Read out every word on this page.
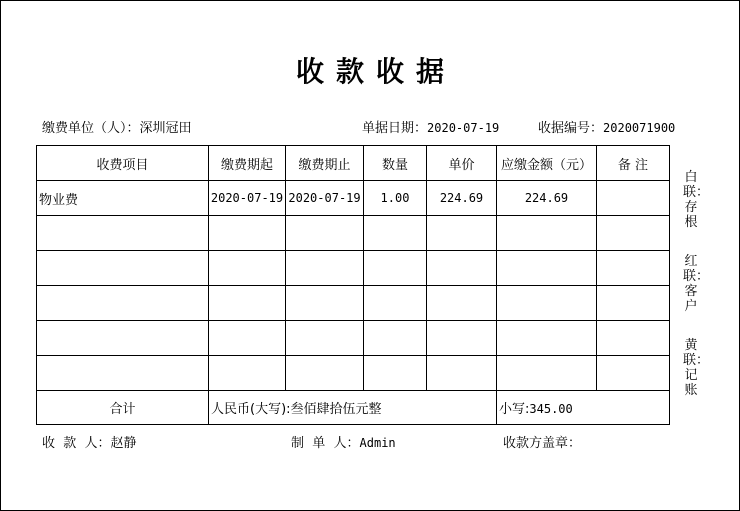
收款收据
缴费单位（人）：深圳冠田	单据日期：2020-07-19	收据编号：2020071900
收费项目	缴费期起	缴费期止	数量	单价	应缴金额（元）	备 注
物业费	2020-07-19	2020-07-19	1.00	224.69	224.69	

合计	人民币(大写):叁佰肆拾伍元整				小写:345.00	
白联：存根
红联：客户
黄联：记账
收  款  人：赵静	制  单  人：Admin	收款方盖章：
